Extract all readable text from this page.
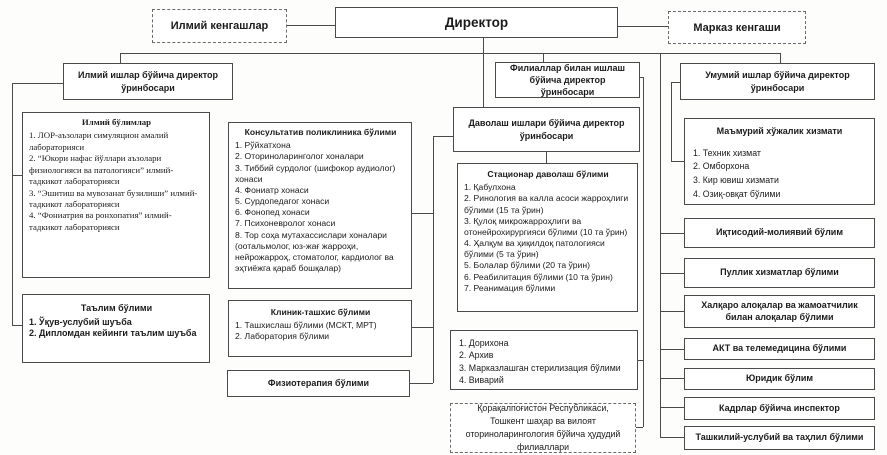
Илмий кенгашлар	Директор	Марказ кенгаши
Илмий ишлар бўйича директор ўринбосари
Илмий бўлимлар
1. ЛОР-аъзолари симуляцион амалий лабораторияси
2. “Юкори нафас йўллари аъзолари физиологияси ва патологияси” илмий-тадкикот лабораторияси
3. “Эшитиш ва мувозанат бузилиши” илмий-тадкикот лабораторияси
4. “Фониатрия ва ронхопатия” илмий-тадкикот лабораторияси
Таълим бўлими
1. Ўқув-услубий шуъба
2. Дипломдан кейинги таълим шуъба
Консультатив поликлиника бўлими
1. Рўйхатхона
2. Оториноларинголог хоналари
3. Тиббий сурдолог (шифокор аудиолог) хонаси
4. Фониатр хонаси
5. Сурдопедагог хонаси
6. Фонопед хонаси
7. Психоневролог хонаси
8. Тор соҳа мутахассислари хоналари (оотальмолог, юз-жағ жарроҳи, нейрожарроҳ, стоматолог, кардиолог ва эҳтиёжга қараб бошқалар)
Клиник-ташхис бўлими
1. Ташхислаш бўлими (МСКТ, МРТ)
2. Лаборатория бўлими
Физиотерапия бўлими
Филиаллар билан ишлаш бўйича директор ўринбосари
Даволаш ишлари бўйича директор ўринбосари
Стационар даволаш бўлими
1. Қабулхона
2. Ринология ва калла асоси жарроҳлиги бўлими (15 та ўрин)
3. Қулоқ микрожарроҳлиги ва отонейрохирургияси бўлими (10 та ўрин)
4. Ҳалқум ва ҳиқилдоқ патологияси бўлими (5 та ўрин)
5. Болалар бўлими (20 та ўрин)
6. Реабилитация бўлими (10 та ўрин)
7. Реанимация бўлими
1. Дорихона
2. Архив
3. Марказлашган стерилизация бўлими
4. Виварий
Қорақалпоғистон Республикаси, Тошкент шаҳар ва вилоят оториноларингология бўйича ҳудудий филиаллари
Умумий ишлар бўйича директор ўринбосари
Маъмурий хўжалик хизмати
1. Техник хизмат
2. Омборхона
3. Кир ювиш хизмати
4. Озиқ-овқат бўлими
Иқтисодий-молиявий бўлим
Пуллик хизматлар бўлими
Халқаро алоқалар ва жамоатчилик билан алоқалар бўлими
АКТ ва телемедицина бўлими
Юридик бўлим
Кадрлар бўйича инспектор
Ташкилий-услубий ва таҳлил бўлими
